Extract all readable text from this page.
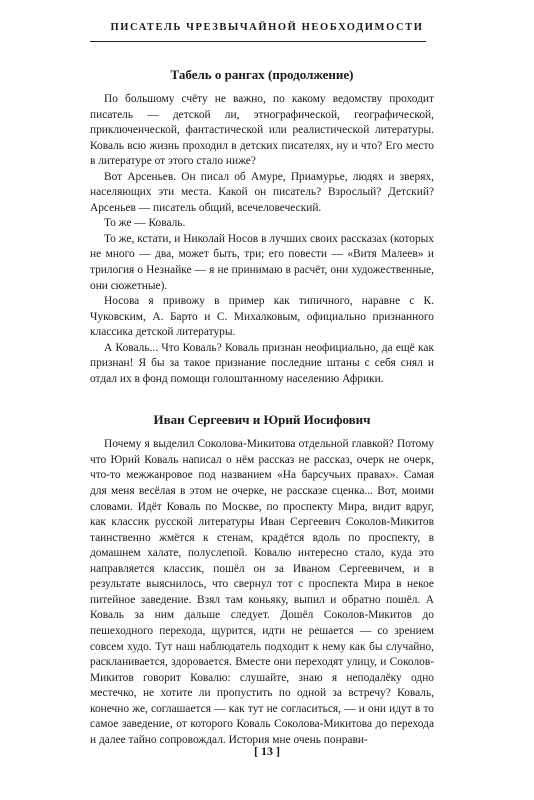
ПИСАТЕЛЬ ЧРЕЗВЫЧАЙНОЙ НЕОБХОДИМОСТИ
Табель о рангах (продолжение)

По большому счёту не важно, по какому ведомству проходит писатель — детской ли, этнографической, географической, приключенческой, фантастической или реалистической литературы. Коваль всю жизнь проходил в детских писателях, ну и что? Его место в литературе от этого стало ниже?

Вот Арсеньев. Он писал об Амуре, Приамурье, людях и зверях, населяющих эти места. Какой он писатель? Взрослый? Детский? Арсеньев — писатель общий, всечеловеческий.

То же — Коваль.

То же, кстати, и Николай Носов в лучших своих рассказах (которых не много — два, может быть, три; его повести — «Витя Малеев» и трилогия о Незнайке — я не принимаю в расчёт, они художественные, они сюжетные).

Носова я привожу в пример как типичного, наравне с К. Чуковским, А. Барто и С. Михалковым, официально признанного классика детской литературы.

А Коваль... Что Коваль? Коваль признан неофициально, да ещё как признан! Я бы за такое признание последние штаны с себя снял и отдал их в фонд помощи голоштанному населению Африки.

Иван Сергеевич и Юрий Иосифович

Почему я выделил Соколова-Микитова отдельной главкой? Потому что Юрий Коваль написал о нём рассказ не рассказ, очерк не очерк, что-то межжанровое под названием «На барсучьих правах». Самая для меня весёлая в этом не очерке, не рассказе сценка... Вот, моими словами. Идёт Коваль по Москве, по проспекту Мира, видит вдруг, как классик русской литературы Иван Сергеевич Соколов-Микитов таинственно жмётся к стенам, крадётся вдоль по проспекту, в домашнем халате, полуслепой. Ковалю интересно стало, куда это направляется классик, пошёл он за Иваном Сергеевичем, и в результате выяснилось, что свернул тот с проспекта Мира в некое питейное заведение. Взял там коньяку, выпил и обратно пошёл. А Коваль за ним дальше следует. Дошёл Соколов-Микитов до пешеходного перехода, щурится, идти не решается — со зрением совсем худо. Тут наш наблюдатель подходит к нему как бы случайно, раскланивается, здоровается. Вместе они переходят улицу, и Соколов-Микитов говорит Ковалю: слушайте, знаю я неподалёку одно местечко, не хотите ли пропустить по одной за встречу? Коваль, конечно же, соглашается — как тут не согласиться, — и они идут в то самое заведение, от которого Коваль Соколова-Микитова до перехода и далее тайно сопровождал. История мне очень понрави-

[ 13 ]
